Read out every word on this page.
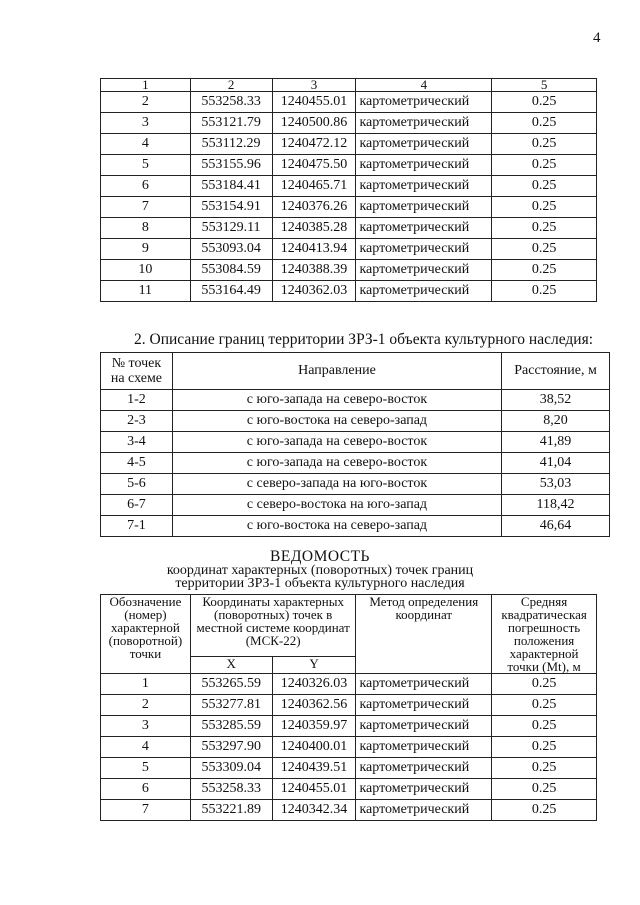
4
1	2	3	4	5
2	553258.33	1240455.01	картометрический	0.25
3	553121.79	1240500.86	картометрический	0.25
4	553112.29	1240472.12	картометрический	0.25
5	553155.96	1240475.50	картометрический	0.25
6	553184.41	1240465.71	картометрический	0.25
7	553154.91	1240376.26	картометрический	0.25
8	553129.11	1240385.28	картометрический	0.25
9	553093.04	1240413.94	картометрический	0.25
10	553084.59	1240388.39	картометрический	0.25
11	553164.49	1240362.03	картометрический	0.25
2. Описание границ территории ЗРЗ-1 объекта культурного наследия:
№ точек на схеме	Направление	Расстояние, м
1-2	с юго-запада на северо-восток	38,52
2-3	с юго-востока на северо-запад	8,20
3-4	с юго-запада на северо-восток	41,89
4-5	с юго-запада на северо-восток	41,04
5-6	с северо-запада на юго-восток	53,03
6-7	с северо-востока на юго-запад	118,42
7-1	с юго-востока на северо-запад	46,64
ВЕДОМОСТЬ
координат характерных (поворотных) точек границ
территории ЗРЗ-1 объекта культурного наследия
Обозначение (номер) характерной (поворотной) точки	Координаты характерных (поворотных) точек в местной системе координат (МСК-22)		Метод определения координат	Средняя квадратическая погрешность положения характерной точки (Mt), м
	X	Y		
1	553265.59	1240326.03	картометрический	0.25
2	553277.81	1240362.56	картометрический	0.25
3	553285.59	1240359.97	картометрический	0.25
4	553297.90	1240400.01	картометрический	0.25
5	553309.04	1240439.51	картометрический	0.25
6	553258.33	1240455.01	картометрический	0.25
7	553221.89	1240342.34	картометрический	0.25
